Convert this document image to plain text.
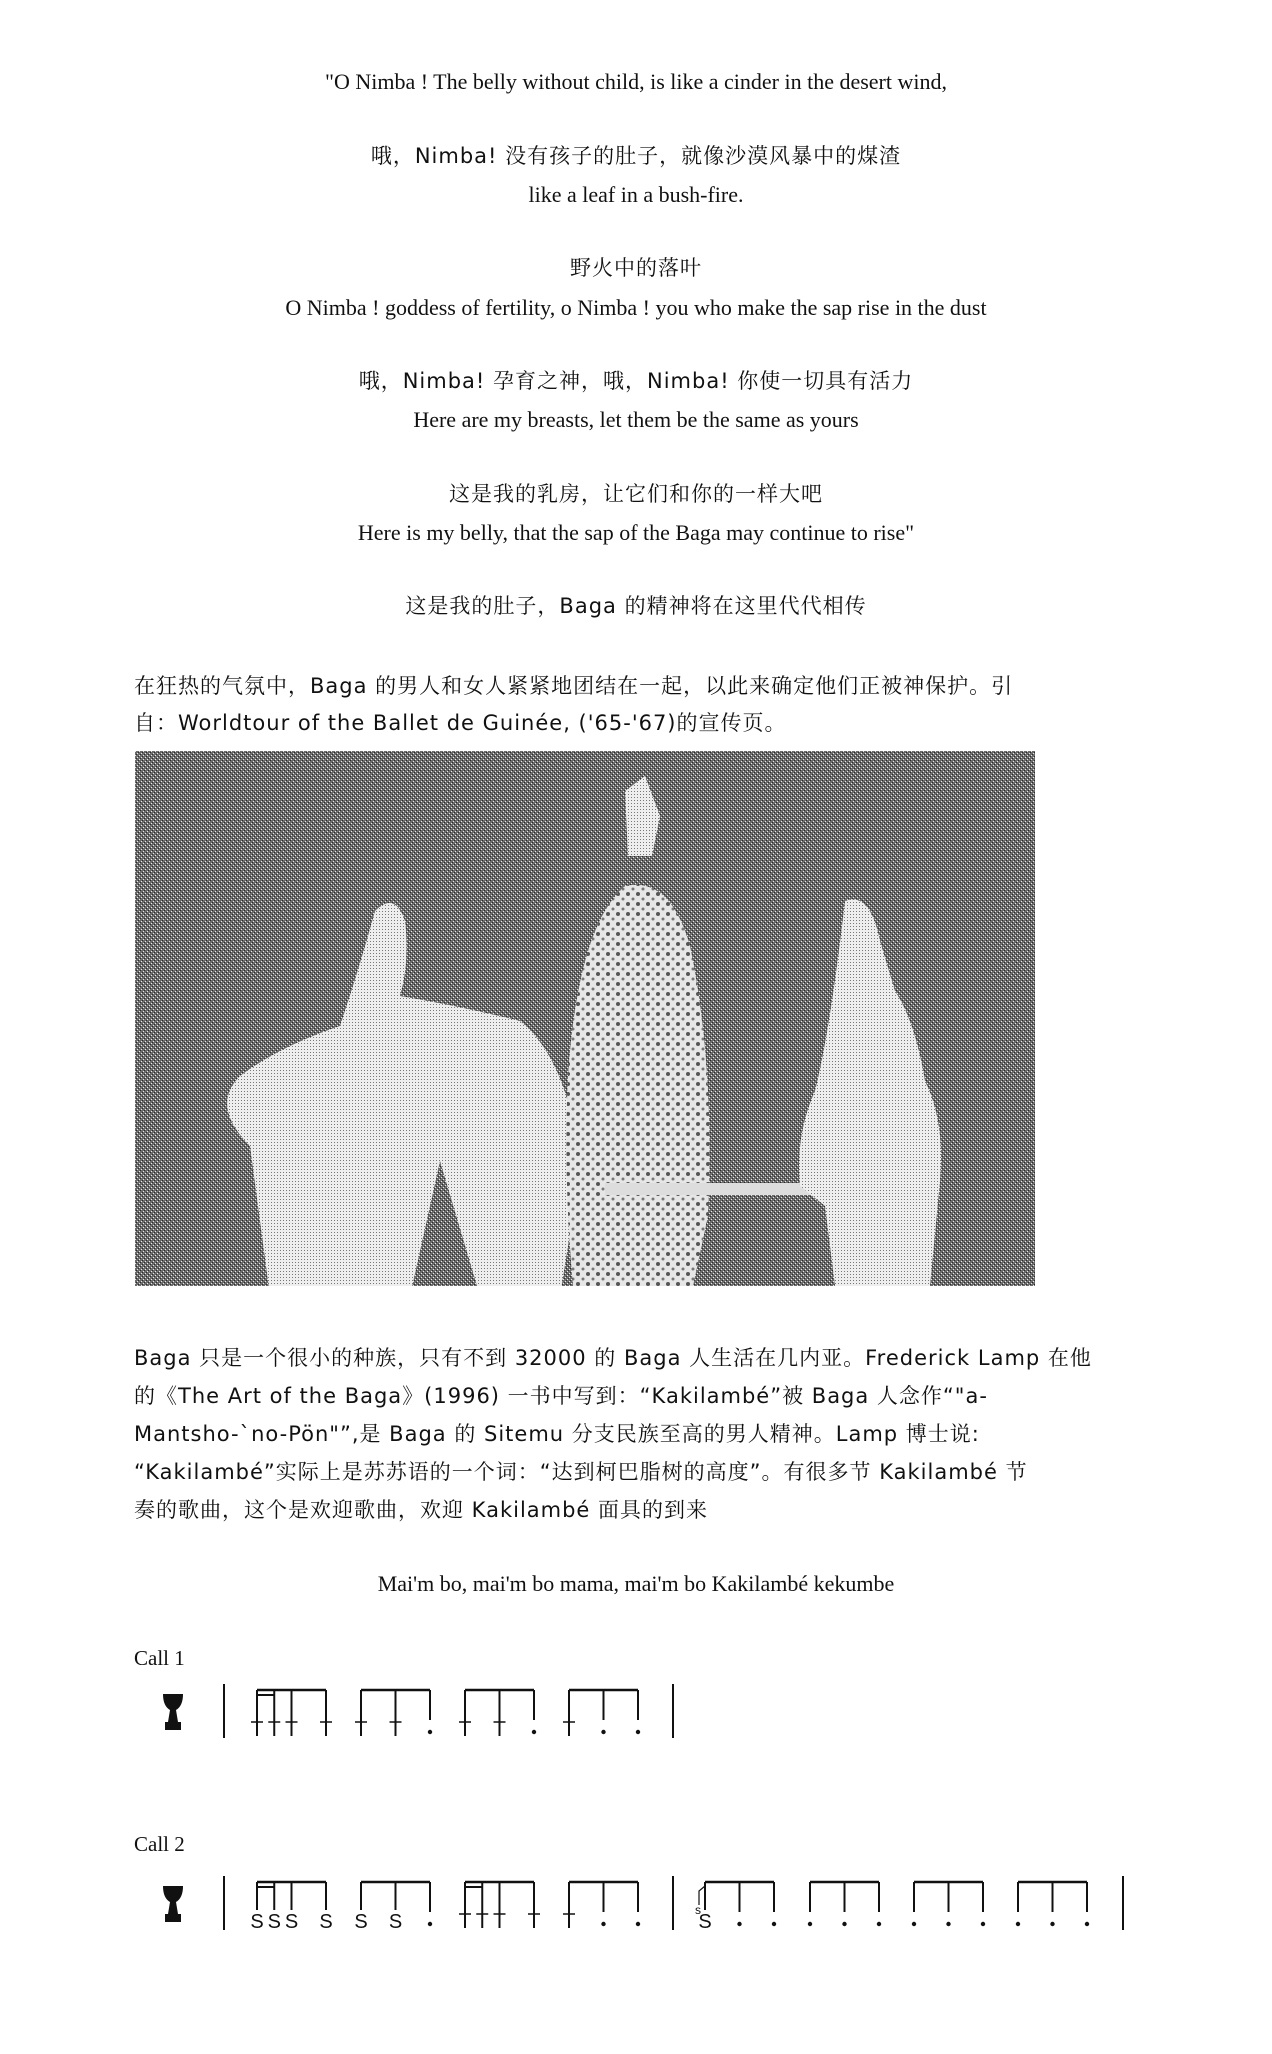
"O Nimba ! The belly without child, is like a cinder in the desert wind,
哦，Nimba! 没有孩子的肚子，就像沙漠风暴中的煤渣
like a leaf in a bush-fire.
野火中的落叶
O Nimba ! goddess of fertility, o Nimba ! you who make the sap rise in the dust
哦，Nimba! 孕育之神，哦，Nimba! 你使一切具有活力
Here are my breasts, let them be the same as yours
这是我的乳房，让它们和你的一样大吧
Here is my belly, that the sap of the Baga may continue to rise"
这是我的肚子，Baga 的精神将在这里代代相传
在狂热的气氛中，Baga 的男人和女人紧紧地团结在一起，以此来确定他们正被神保护。引
自：Worldtour of the Ballet de Guinée, ('65-'67)的宣传页。
Baga 只是一个很小的种族，只有不到 32000 的 Baga 人生活在几内亚。Frederick Lamp 在他
的《The Art of the Baga》(1996) 一书中写到：“Kakilambé”被 Baga 人念作“"a-
Mantsho-`no-Pön"”,是 Baga 的 Sitemu 分支民族至高的男人精神。Lamp 博士说:
“Kakilambé”实际上是苏苏语的一个词：“达到柯巴脂树的高度”。有很多节 Kakilambé 节
奏的歌曲，这个是欢迎歌曲，欢迎 Kakilambé 面具的到来
Mai'm bo, mai'm bo mama, mai'm bo Kakilambé kekumbe
Call 1
Call 2
S S S S S S	S
s
